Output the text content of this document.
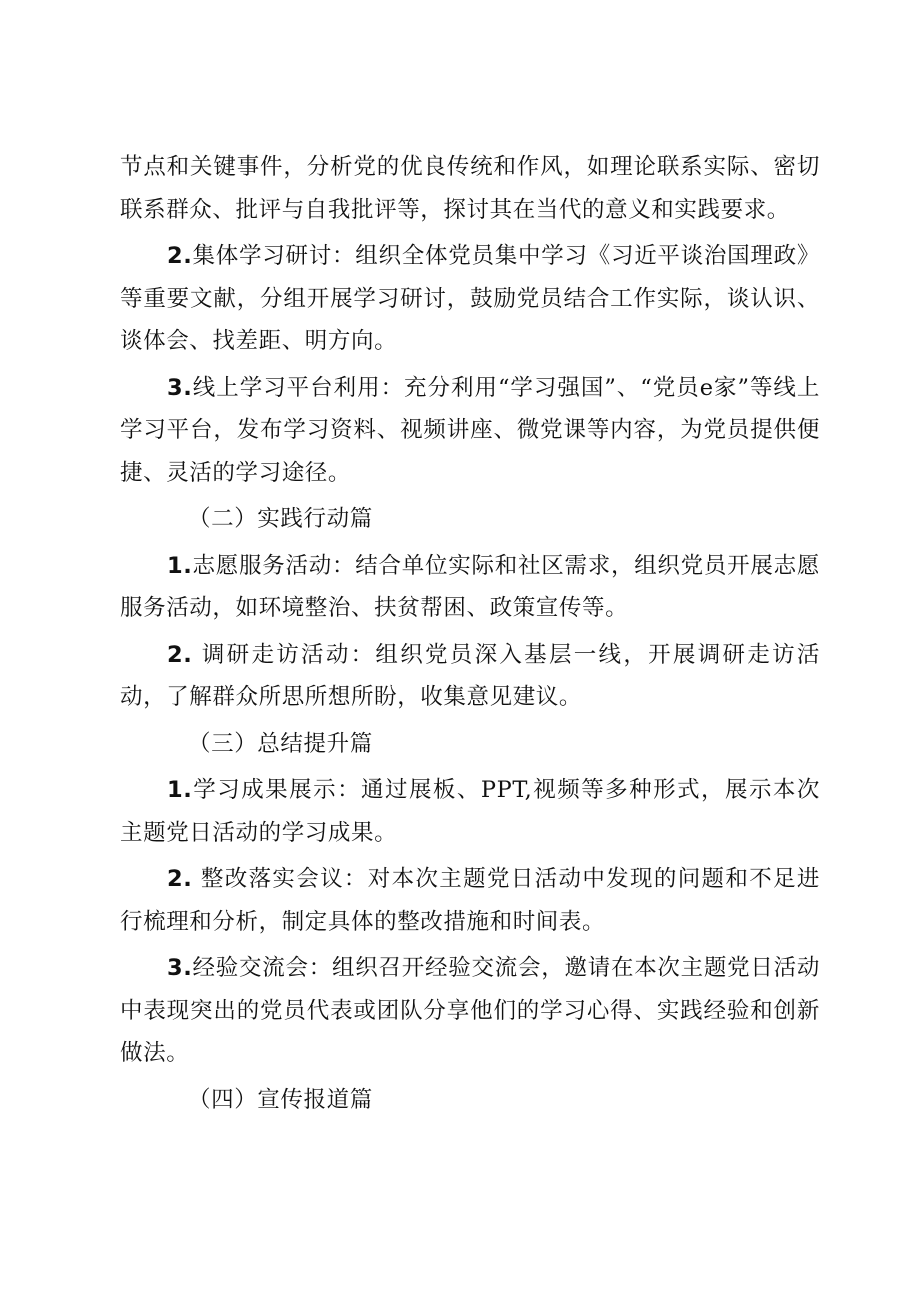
节点和关键事件，分析党的优良传统和作风，如理论联系实际、密切联系群众、批评与自我批评等，探讨其在当代的意义和实践要求。

2.集体学习研讨：组织全体党员集中学习《习近平谈治国理政》等重要文献，分组开展学习研讨，鼓励党员结合工作实际，谈认识、谈体会、找差距、明方向。

3.线上学习平台利用：充分利用“学习强国”、“党员e家”等线上学习平台，发布学习资料、视频讲座、微党课等内容，为党员提供便捷、灵活的学习途径。

（二）实践行动篇

1.志愿服务活动：结合单位实际和社区需求，组织党员开展志愿服务活动，如环境整治、扶贫帮困、政策宣传等。

2. 调研走访活动：组织党员深入基层一线，开展调研走访活动，了解群众所思所想所盼，收集意见建议。

（三）总结提升篇

1.学习成果展示：通过展板、PPT,视频等多种形式，展示本次主题党日活动的学习成果。

2. 整改落实会议：对本次主题党日活动中发现的问题和不足进行梳理和分析，制定具体的整改措施和时间表。

3.经验交流会：组织召开经验交流会，邀请在本次主题党日活动中表现突出的党员代表或团队分享他们的学习心得、实践经验和创新做法。

（四）宣传报道篇
